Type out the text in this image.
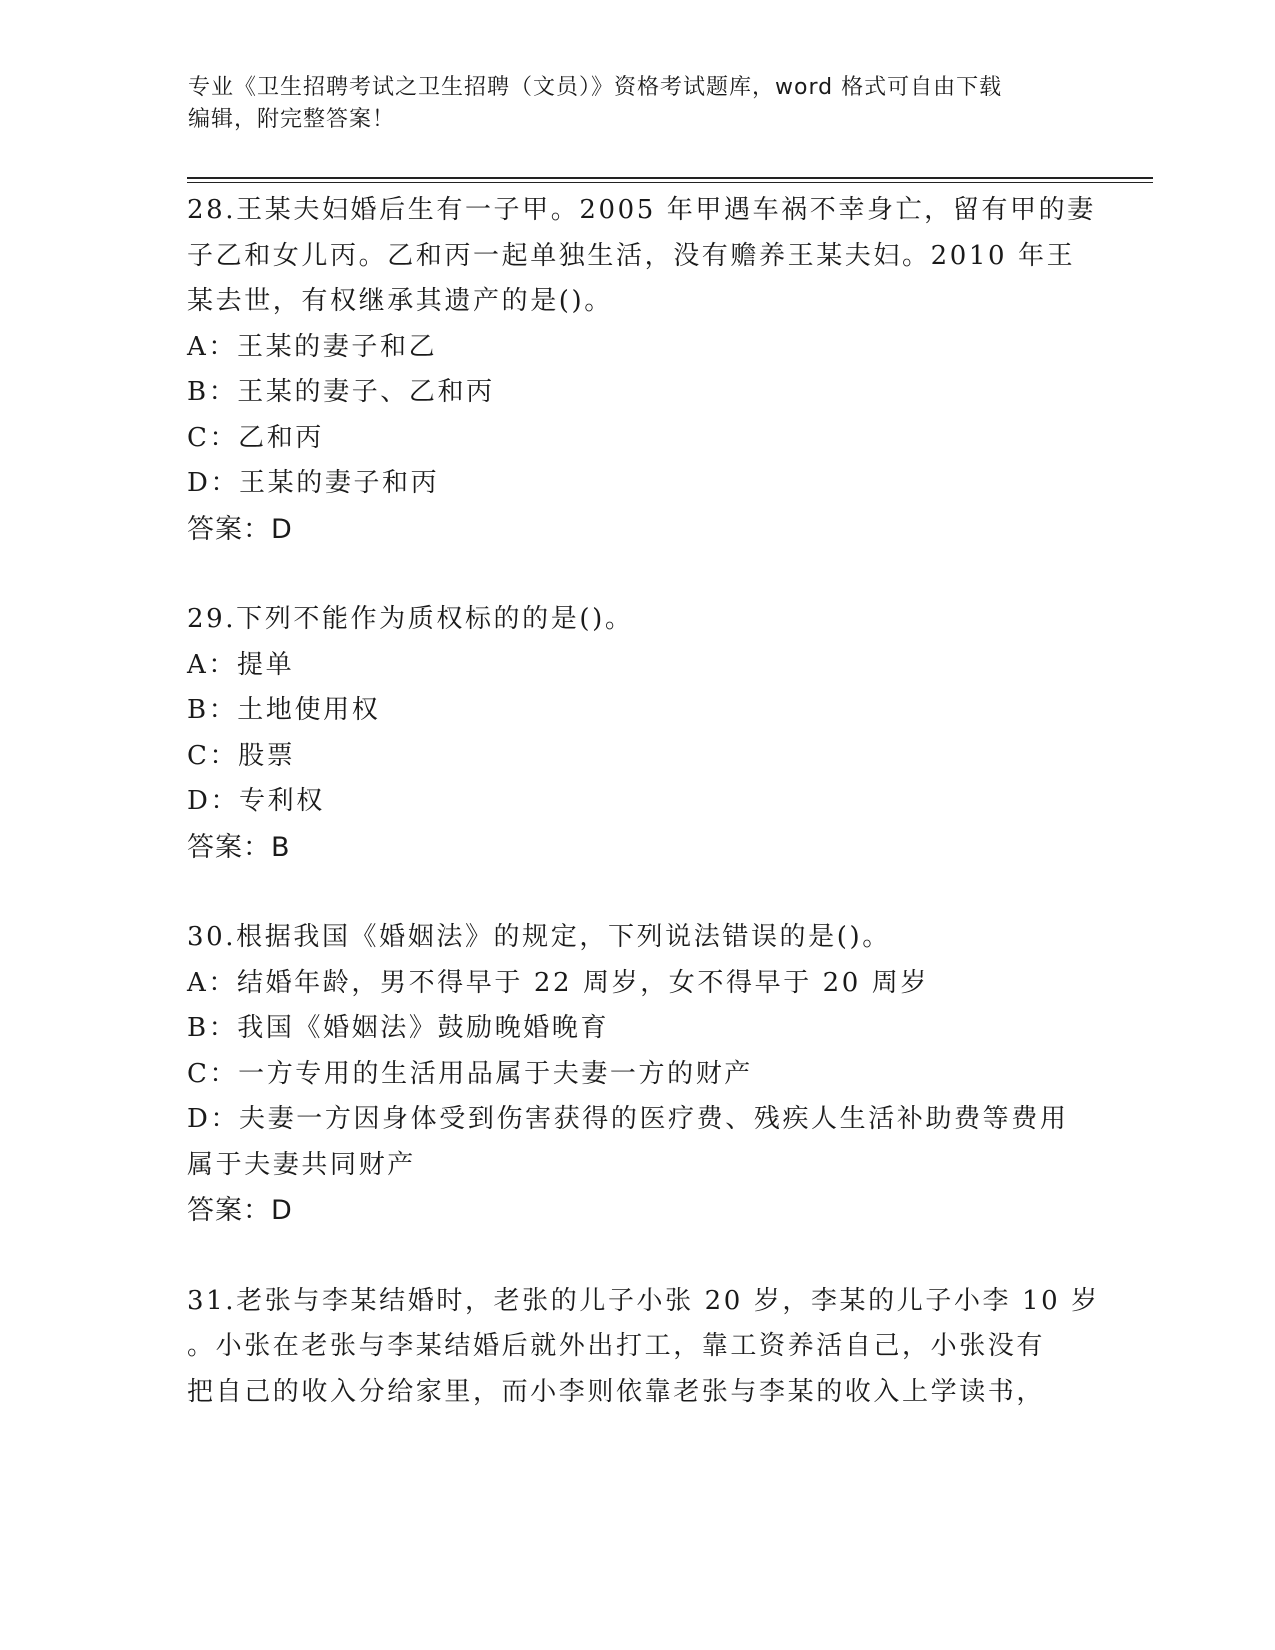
专业《卫生招聘考试之卫生招聘（文员）》资格考试题库，word 格式可自由下载
编辑，附完整答案！
28.王某夫妇婚后生有一子甲。2005 年甲遇车祸不幸身亡，留有甲的妻
子乙和女儿丙。乙和丙一起单独生活，没有赡养王某夫妇。2010 年王
某去世，有权继承其遗产的是()。
A：王某的妻子和乙
B：王某的妻子、乙和丙
C：乙和丙
D：王某的妻子和丙
答案：D
29.下列不能作为质权标的的是()。
A：提单
B：土地使用权
C：股票
D：专利权
答案：B
30.根据我国《婚姻法》的规定，下列说法错误的是()。
A：结婚年龄，男不得早于 22 周岁，女不得早于 20 周岁
B：我国《婚姻法》鼓励晚婚晚育
C：一方专用的生活用品属于夫妻一方的财产
D：夫妻一方因身体受到伤害获得的医疗费、残疾人生活补助费等费用
属于夫妻共同财产
答案：D
31.老张与李某结婚时，老张的儿子小张 20 岁，李某的儿子小李 10 岁
。小张在老张与李某结婚后就外出打工，靠工资养活自己，小张没有
把自己的收入分给家里，而小李则依靠老张与李某的收入上学读书，
